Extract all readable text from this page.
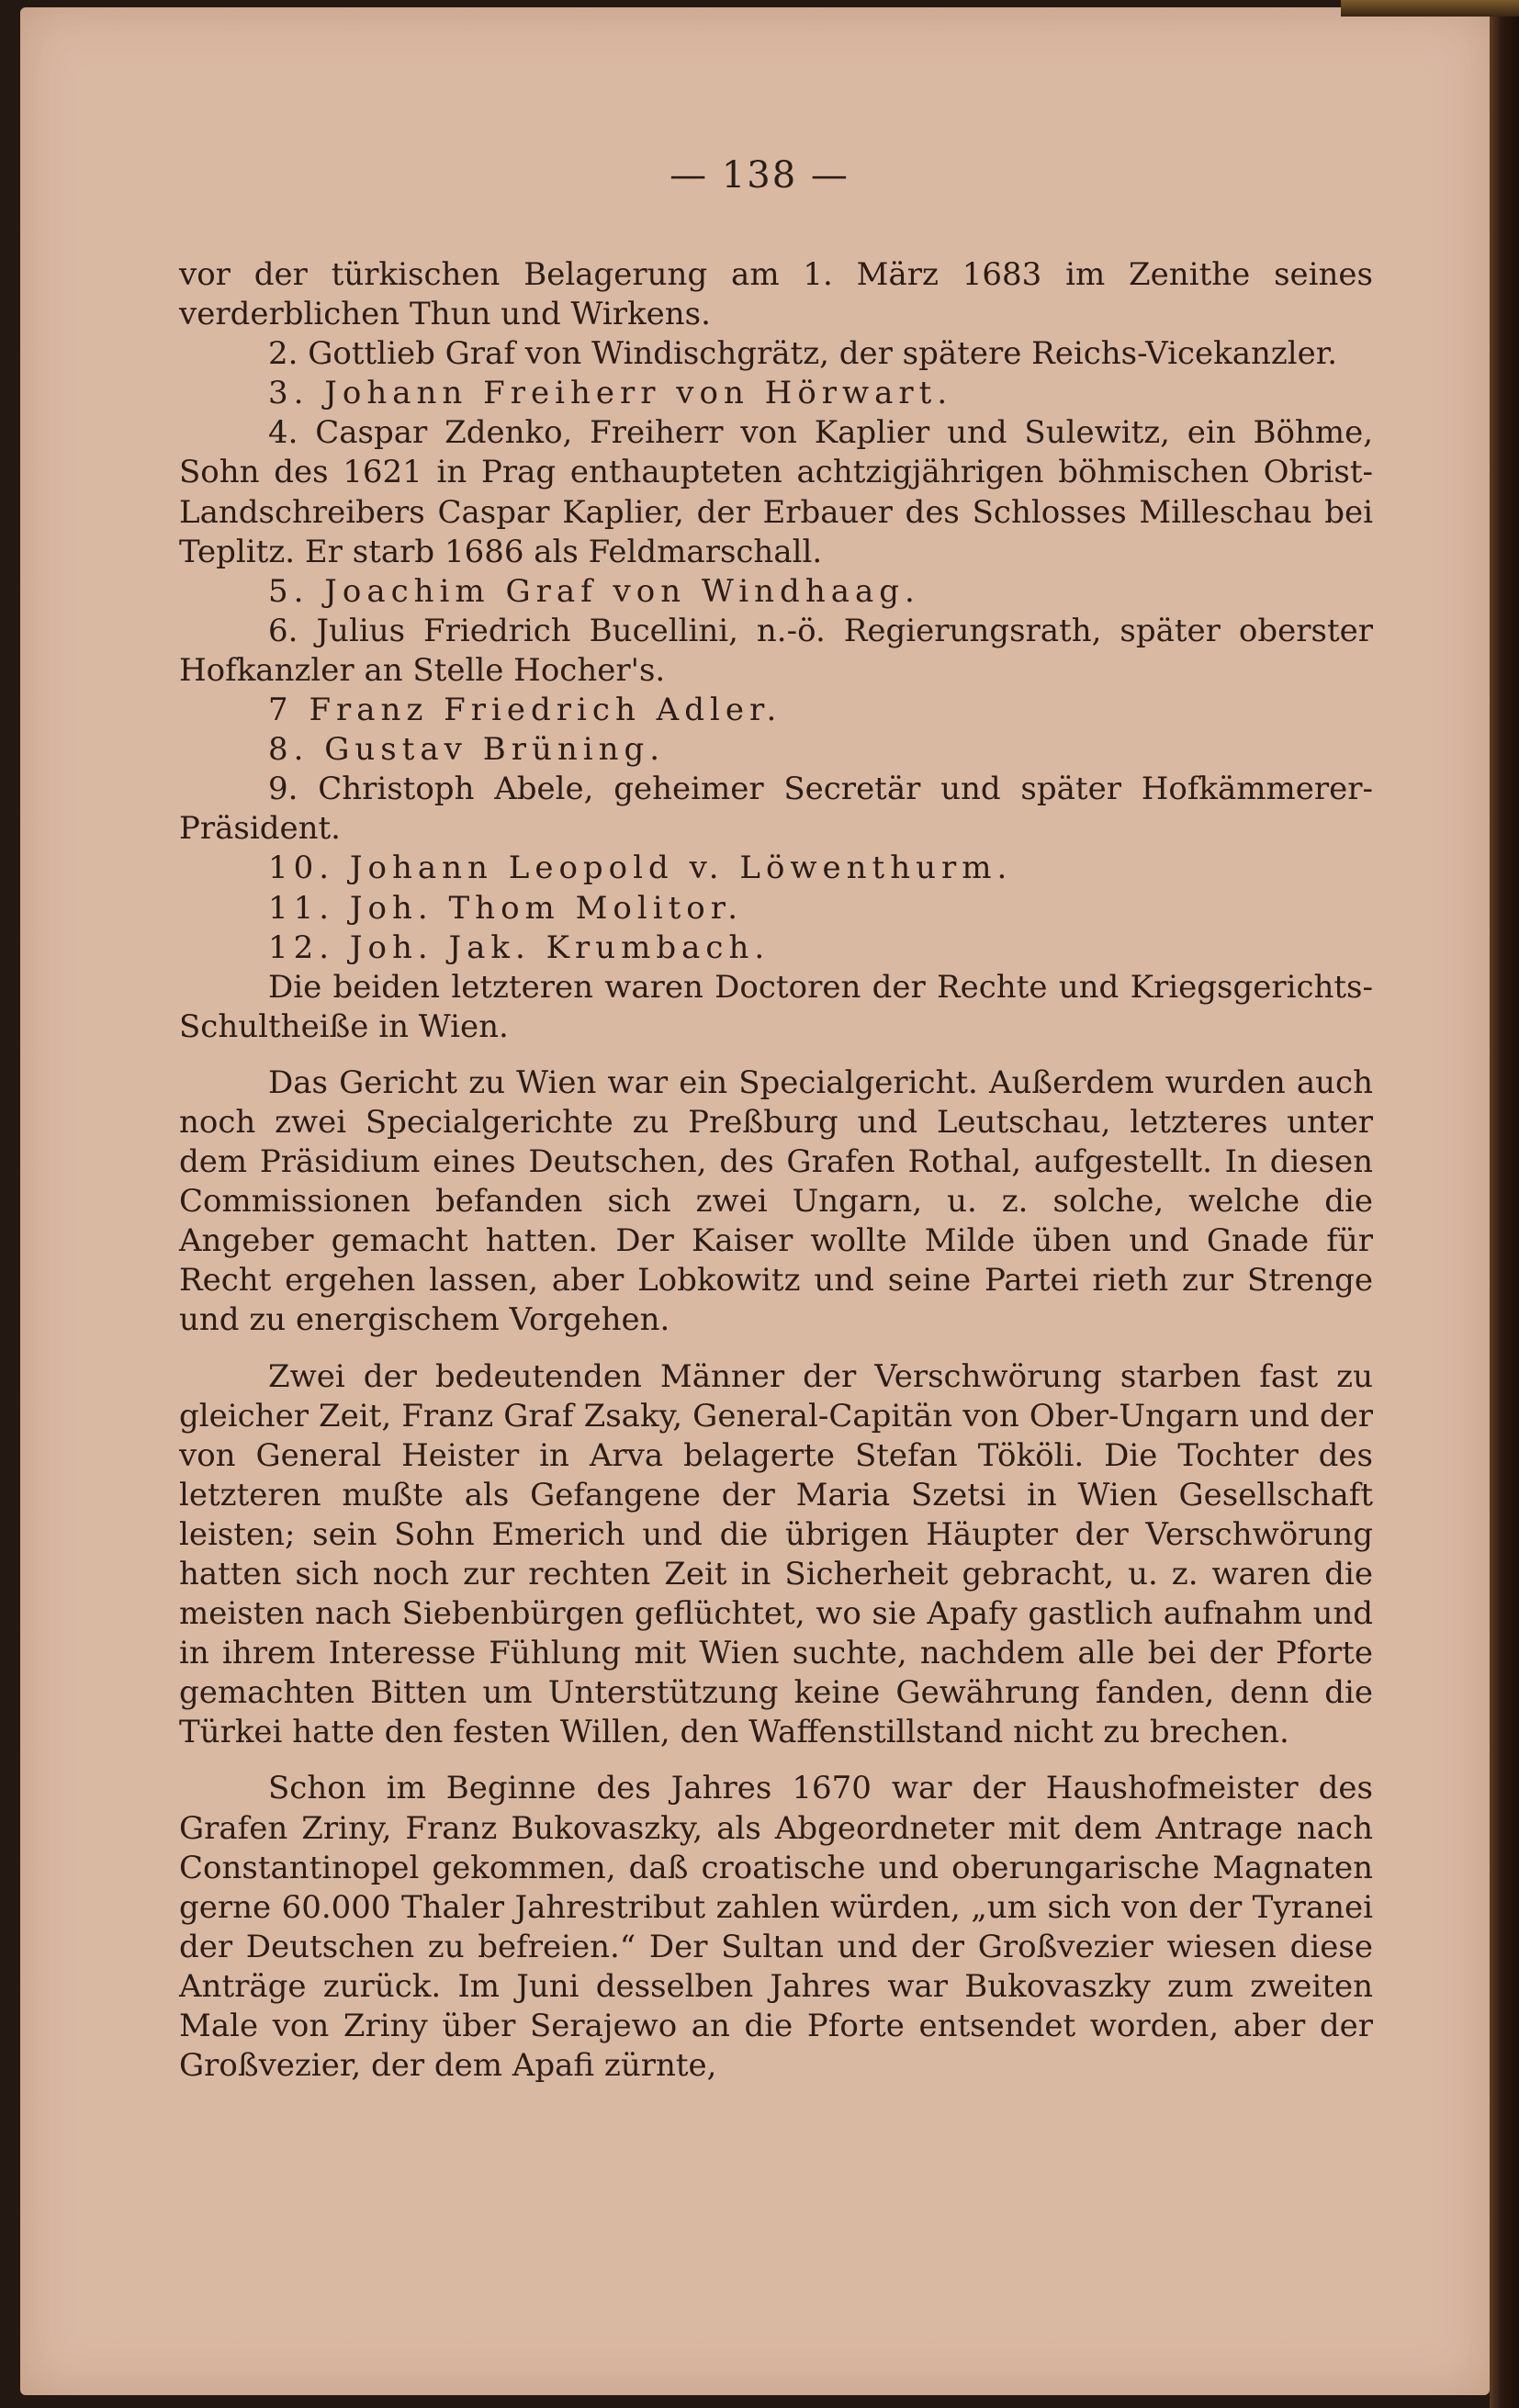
— 138 —

vor der türkischen Belagerung am 1. März 1683 im Zenithe seines verderblichen Thun und Wirkens.

2. Gottlieb Graf von Windischgrätz, der spätere Reichs-Vicekanzler.

3. Johann Freiherr von Hörwart.

4. Caspar Zdenko, Freiherr von Kaplier und Sulewitz, ein Böhme, Sohn des 1621 in Prag enthaupteten achtzigjährigen böhmischen Obrist-Landschreibers Caspar Kaplier, der Erbauer des Schlosses Milleschau bei Teplitz. Er starb 1686 als Feldmarschall.

5. Joachim Graf von Windhaag.

6. Julius Friedrich Bucellini, n.-ö. Regierungsrath, später oberster Hofkanzler an Stelle Hocher's.

7 Franz Friedrich Adler.

8. Gustav Brüning.

9. Christoph Abele, geheimer Secretär und später Hofkämmerer-Präsident.

10. Johann Leopold v. Löwenthurm.

11. Joh. Thom Molitor.

12. Joh. Jak. Krumbach.

Die beiden letzteren waren Doctoren der Rechte und Kriegsgerichts-Schultheiße in Wien.

Das Gericht zu Wien war ein Specialgericht. Außerdem wurden auch noch zwei Specialgerichte zu Preßburg und Leutschau, letzteres unter dem Präsidium eines Deutschen, des Grafen Rothal, aufgestellt. In diesen Commissionen befanden sich zwei Ungarn, u. z. solche, welche die Angeber gemacht hatten. Der Kaiser wollte Milde üben und Gnade für Recht ergehen lassen, aber Lobkowitz und seine Partei rieth zur Strenge und zu energischem Vorgehen.

Zwei der bedeutenden Männer der Verschwörung starben fast zu gleicher Zeit, Franz Graf Zsaky, General-Capitän von Ober-Ungarn und der von General Heister in Arva belagerte Stefan Tököli. Die Tochter des letzteren mußte als Gefangene der Maria Szetsi in Wien Gesellschaft leisten; sein Sohn Emerich und die übrigen Häupter der Verschwörung hatten sich noch zur rechten Zeit in Sicherheit gebracht, u. z. waren die meisten nach Siebenbürgen geflüchtet, wo sie Apafy gastlich aufnahm und in ihrem Interesse Fühlung mit Wien suchte, nachdem alle bei der Pforte gemachten Bitten um Unterstützung keine Gewährung fanden, denn die Türkei hatte den festen Willen, den Waffenstillstand nicht zu brechen.

Schon im Beginne des Jahres 1670 war der Haushofmeister des Grafen Zriny, Franz Bukovaszky, als Abgeordneter mit dem Antrage nach Constantinopel gekommen, daß croatische und oberungarische Magnaten gerne 60.000 Thaler Jahrestribut zahlen würden, „um sich von der Tyranei der Deutschen zu befreien.“ Der Sultan und der Großvezier wiesen diese Anträge zurück. Im Juni desselben Jahres war Bukovaszky zum zweiten Male von Zriny über Serajewo an die Pforte entsendet worden, aber der Großvezier, der dem Apafi zürnte,
